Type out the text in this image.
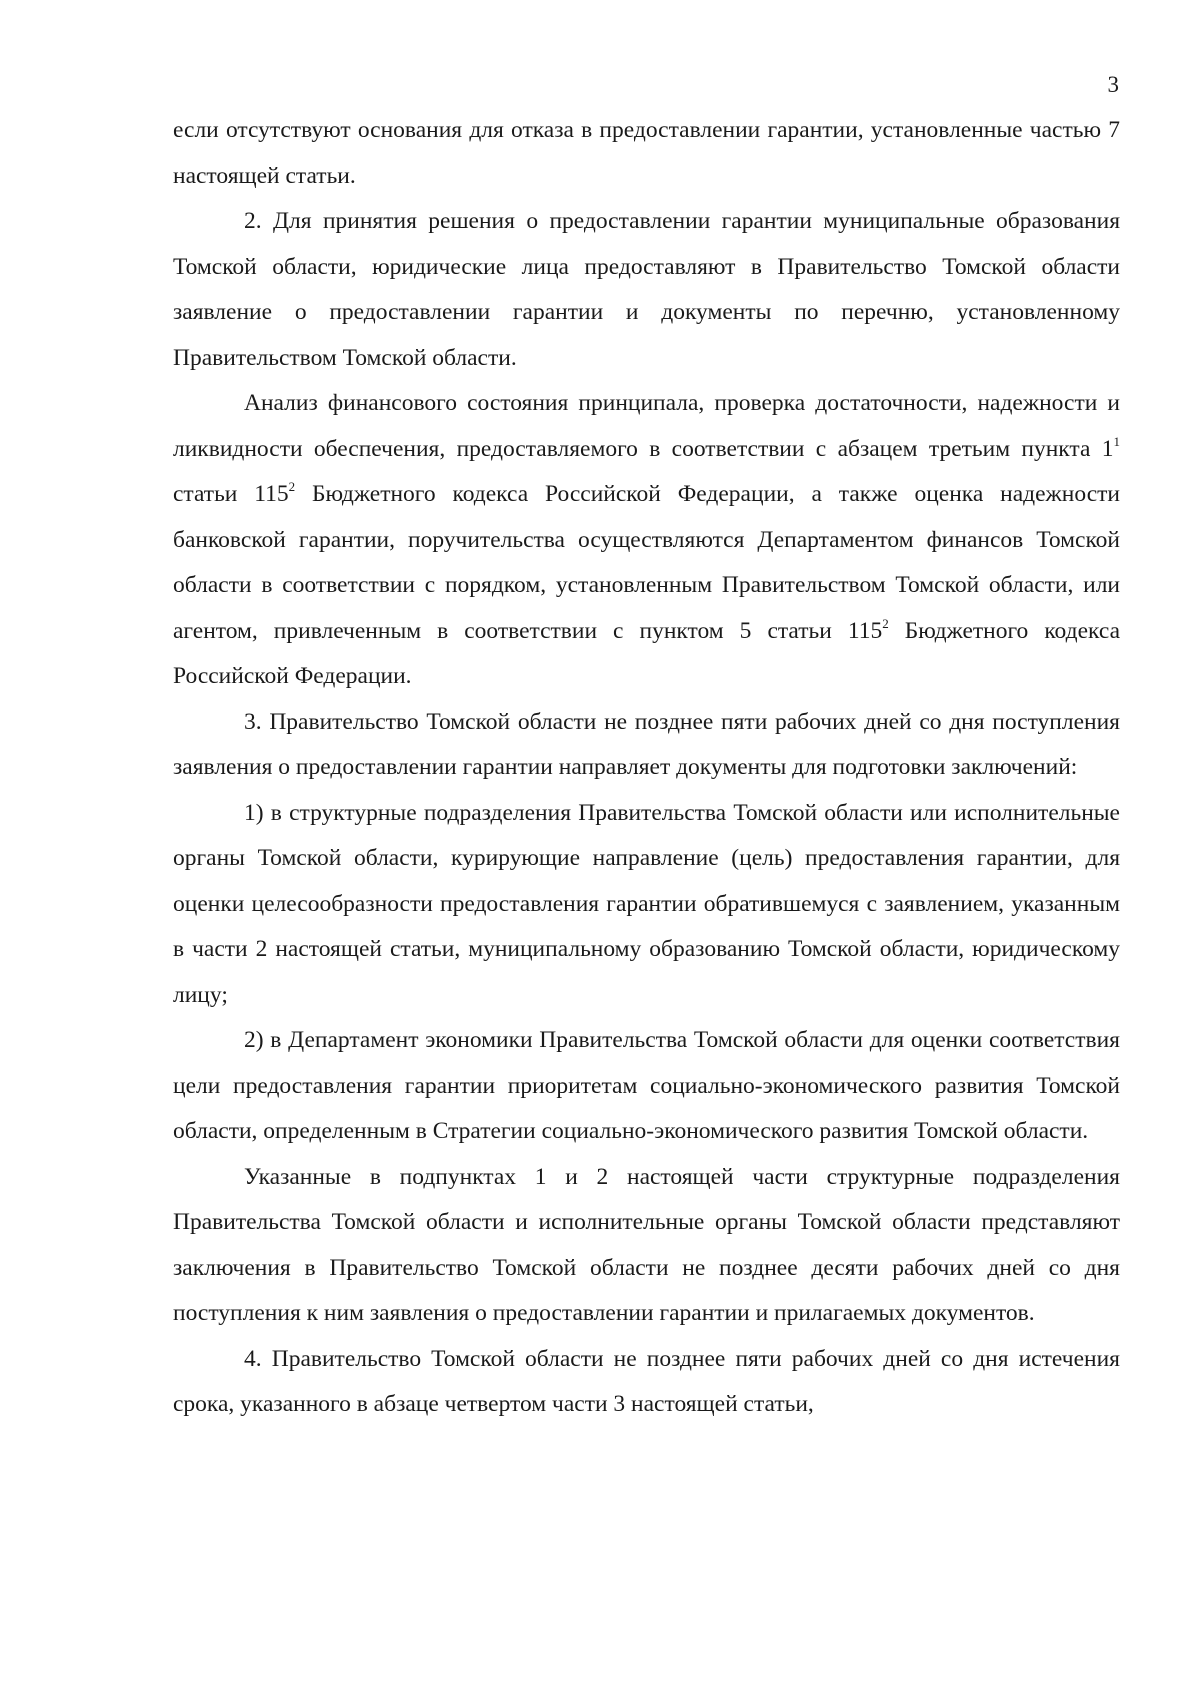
3

если отсутствуют основания для отказа в предоставлении гарантии, установленные частью 7 настоящей статьи.

2. Для принятия решения о предоставлении гарантии муниципальные образования Томской области, юридические лица предоставляют в Правительство Томской области заявление о предоставлении гарантии и документы по перечню, установленному Правительством Томской области.

Анализ финансового состояния принципала, проверка достаточности, надежности и ликвидности обеспечения, предоставляемого в соответствии с абзацем третьим пункта $1^1$ статьи $115^2$ Бюджетного кодекса Российской Федерации, а также оценка надежности банковской гарантии, поручительства осуществляются Департаментом финансов Томской области в соответствии с порядком, установленным Правительством Томской области, или агентом, привлеченным в соответствии с пунктом 5 статьи $115^2$ Бюджетного кодекса Российской Федерации.

3. Правительство Томской области не позднее пяти рабочих дней со дня поступления заявления о предоставлении гарантии направляет документы для подготовки заключений:

1) в структурные подразделения Правительства Томской области или исполнительные органы Томской области, курирующие направление (цель) предоставления гарантии, для оценки целесообразности предоставления гарантии обратившемуся с заявлением, указанным в части 2 настоящей статьи, муниципальному образованию Томской области, юридическому лицу;

2) в Департамент экономики Правительства Томской области для оценки соответствия цели предоставления гарантии приоритетам социально-экономического развития Томской области, определенным в Стратегии социально-экономического развития Томской области.

Указанные в подпунктах 1 и 2 настоящей части структурные подразделения Правительства Томской области и исполнительные органы Томской области представляют заключения в Правительство Томской области не позднее десяти рабочих дней со дня поступления к ним заявления о предоставлении гарантии и прилагаемых документов.

4. Правительство Томской области не позднее пяти рабочих дней со дня истечения срока, указанного в абзаце четвертом части 3 настоящей статьи,
